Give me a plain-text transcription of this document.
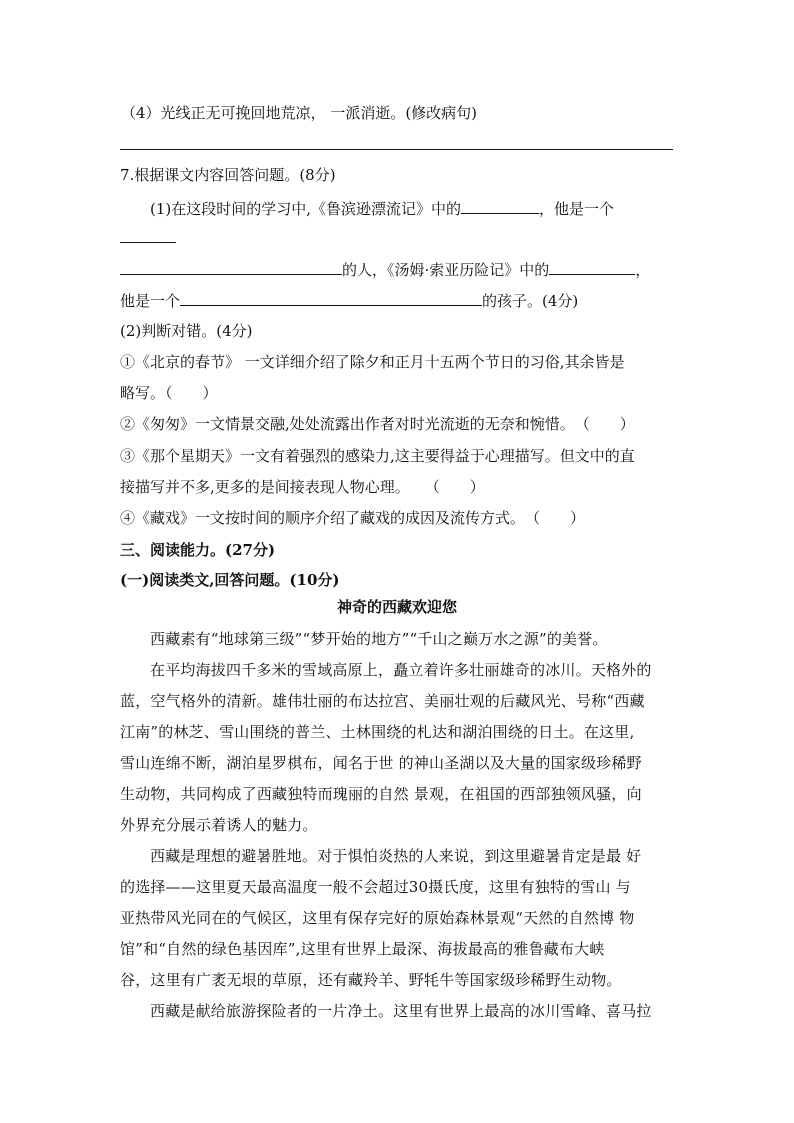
（4）光线正无可挽回地荒凉， 一派消逝。(修改病句)
7.根据课文内容回答问题。(8分)
(1)在这段时间的学习中,《鲁滨逊漂流记》中的	，他是一个
的人，《汤姆·索亚历险记》中的	，
他是一个	的孩子。(4分)
(2)判断对错。(4分)
①《北京的春节》 一文详细介绍了除夕和正月十五两个节日的习俗,其余皆是
略写。（　　）
②《匆匆》一文情景交融,处处流露出作者对时光流逝的无奈和惋惜。　（　　）
③《那个星期天》一文有着强烈的感染力,这主要得益于心理描写。但文中的直
接描写并不多,更多的是间接表现人物心理。　　（　　）
④《藏戏》一文按时间的顺序介绍了藏戏的成因及流传方式。　（　　）
三、阅读能力。(27分)
(一)阅读类文,回答问题。(10分)
神奇的西藏欢迎您
西藏素有“地球第三级”“梦开始的地方”“千山之巅万水之源”的美誉。
在平均海拔四千多米的雪域高原上，矗立着许多壮丽雄奇的冰川。天格外的
蓝，空气格外的清新。雄伟壮丽的布达拉宫、美丽壮观的后藏风光、号称“西藏
江南”的林芝、雪山围绕的普兰、土林围绕的札达和湖泊围绕的日土。在这里,
雪山连绵不断，湖泊星罗棋布，闻名于世 的神山圣湖以及大量的国家级珍稀野
生动物，共同构成了西藏独特而瑰丽的自然 景观，在祖国的西部独领风骚，向
外界充分展示着诱人的魅力。
西藏是理想的避暑胜地。对于惧怕炎热的人来说，到这里避暑肯定是最 好
的选择——这里夏天最高温度一般不会超过30摄氏度，这里有独特的雪山 与
亚热带风光同在的气候区，这里有保存完好的原始森林景观“天然的自然博 物
馆”和“自然的绿色基因库”,这里有世界上最深、海拔最高的雅鲁藏布大峡
谷，这里有广袤无垠的草原，还有藏羚羊、野牦牛等国家级珍稀野生动物。
西藏是献给旅游探险者的一片净土。这里有世界上最高的冰川雪峰、喜马拉
